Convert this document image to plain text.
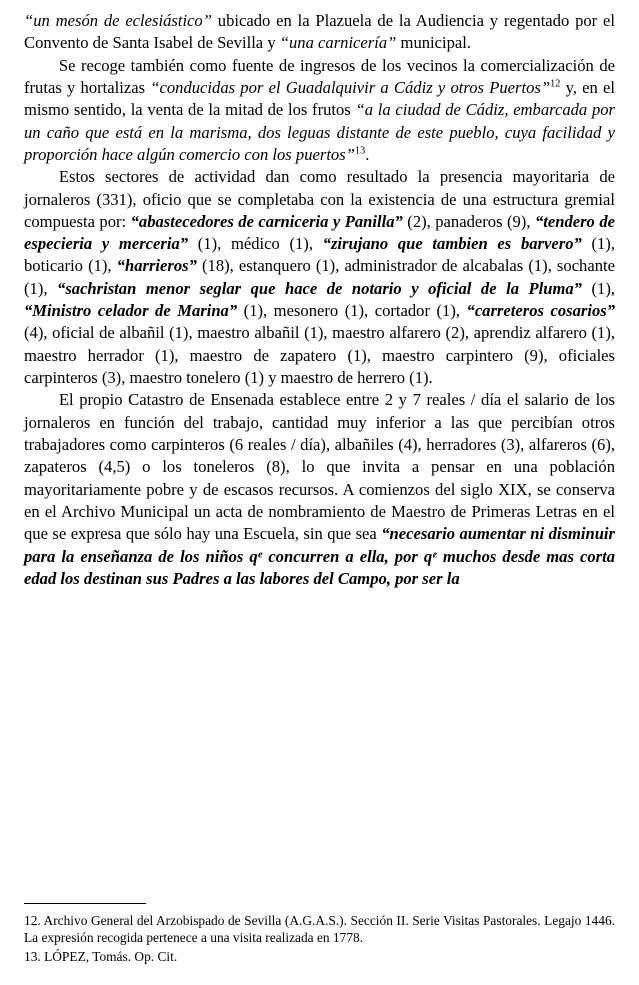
“un mesón de eclesiástico” ubicado en la Plazuela de la Audiencia y regentado por el Convento de Santa Isabel de Sevilla y “una carnicería” municipal.

Se recoge también como fuente de ingresos de los vecinos la comercialización de frutas y hortalizas “conducidas por el Guadalquivir a Cádiz y otros Puertos”$^{12}$ y, en el mismo sentido, la venta de la mitad de los frutos “a la ciudad de Cádiz, embarcada por un caño que está en la marisma, dos leguas distante de este pueblo, cuya facilidad y proporción hace algún comercio con los puertos”$^{13}$.

Estos sectores de actividad dan como resultado la presencia mayoritaria de jornaleros (331), oficio que se completaba con la existencia de una estructura gremial compuesta por: “abastecedores de carniceria y Panilla” (2), panaderos (9), “tendero de especieria y merceria” (1), médico (1), “zirujano que tambien es barvero” (1), boticario (1), “harrieros” (18), estanquero (1), administrador de alcabalas (1), sochante (1), “sachristan menor seglar que hace de notario y oficial de la Pluma” (1), “Ministro celador de Marina” (1), mesonero (1), cortador (1), “carreteros cosarios” (4), oficial de albañil (1), maestro albañil (1), maestro alfarero (2), aprendiz alfarero (1), maestro herrador (1), maestro de zapatero (1), maestro carpintero (9), oficiales carpinteros (3), maestro tonelero (1) y maestro de herrero (1).

El propio Catastro de Ensenada establece entre 2 y 7 reales / día el salario de los jornaleros en función del trabajo, cantidad muy inferior a las que percibían otros trabajadores como carpinteros (6 reales / día), albañiles (4), herradores (3), alfareros (6), zapateros (4,5) o los toneleros (8), lo que invita a pensar en una población mayoritariamente pobre y de escasos recursos. A comienzos del siglo XIX, se conserva en el Archivo Municipal un acta de nombramiento de Maestro de Primeras Letras en el que se expresa que sólo hay una Escuela, sin que sea “necesario aumentar ni disminuir para la enseñanza de los niños qᵉ concurren a ella, por qᵉ muchos desde mas corta edad los destinan sus Padres a las labores del Campo, por ser la

12. Archivo General del Arzobispado de Sevilla (A.G.A.S.). Sección II. Serie Visitas Pastorales. Legajo 1446. La expresión recogida pertenece a una visita realizada en 1778.

13. LÓPEZ, Tomás. Op. Cit.
